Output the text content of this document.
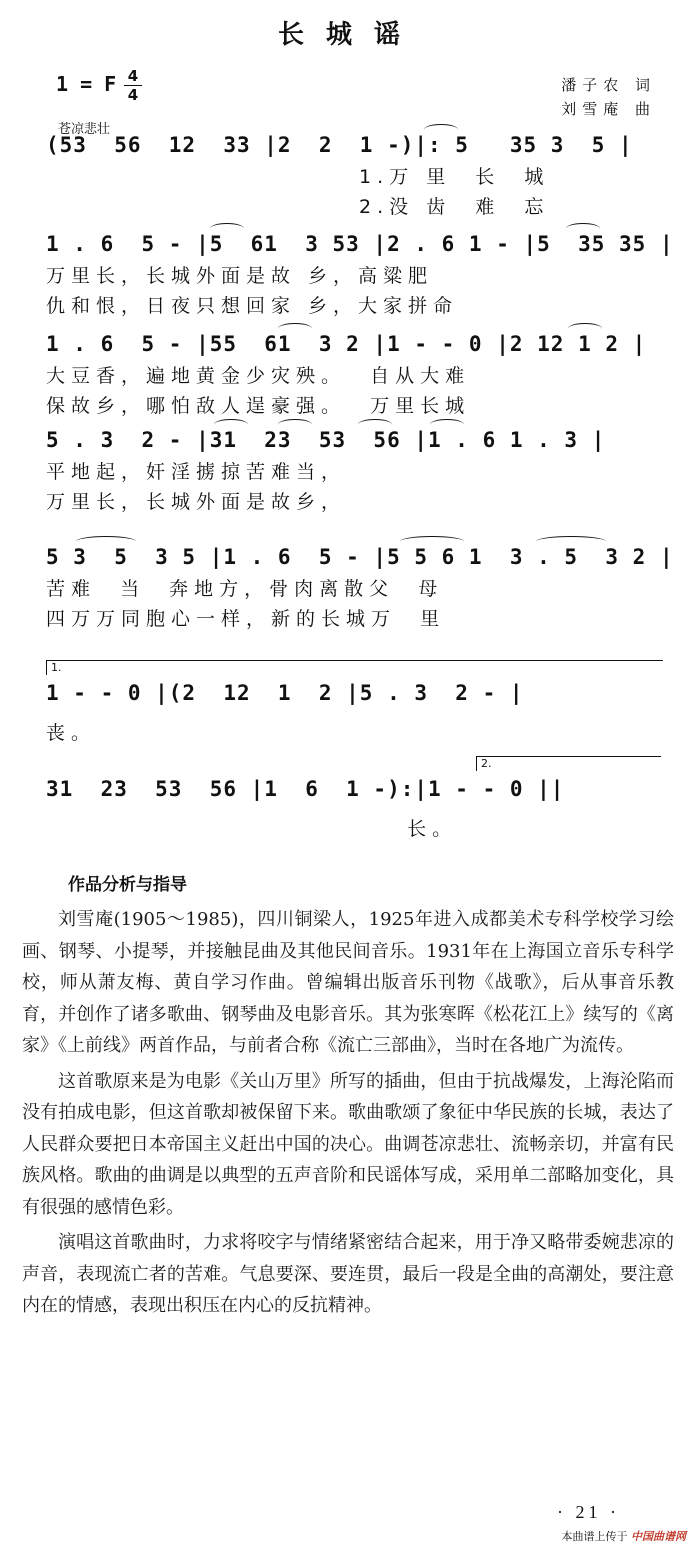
长城谣
1 = F 4
4
苍凉悲壮
潘子农 词
刘雪庵 曲
(53  56  12  33 |2  2  1 -)|: 5   35 3  5 |
1.万 里  长  城
2.没 齿  难  忘
1 . 6  5 - |5  61  3 53 |2 . 6 1 - |5  35 35 |
万里长，长城外面是故 乡，高粱肥
仇和恨，日夜只想回家 乡，大家拼命
1 . 6  5 - |55  61  3 2 |1 - - 0 |2 12 1 2 |
大豆香，遍地黄金少灾殃。  自从大难
保故乡，哪怕敌人逞豪强。  万里长城
5 . 3  2 - |31  23  53  56 |1 . 6 1 . 3 |
平地起，奸淫掳掠苦难当，
万里长，长城外面是故乡，
5 3  5  3 5 |1 . 6  5 - |5 5 6 1  3 . 5  3 2 |
苦难  当  奔地方，骨肉离散父  母
四万万同胞心一样，新的长城万  里
1.
1 - - 0 |(2  12  1  2 |5 . 3  2 - |
丧。
2.
31  23  53  56 |1  6  1 -):|1 - - 0 ||
长。
作品分析与指导

刘雪庵(1905～1985)，四川铜梁人，1925年进入成都美术专科学校学习绘画、钢琴、小提琴，并接触昆曲及其他民间音乐。1931年在上海国立音乐专科学校，师从萧友梅、黄自学习作曲。曾编辑出版音乐刊物《战歌》，后从事音乐教育，并创作了诸多歌曲、钢琴曲及电影音乐。其为张寒晖《松花江上》续写的《离家》《上前线》两首作品，与前者合称《流亡三部曲》，当时在各地广为流传。

这首歌原来是为电影《关山万里》所写的插曲，但由于抗战爆发，上海沦陷而没有拍成电影，但这首歌却被保留下来。歌曲歌颂了象征中华民族的长城，表达了人民群众要把日本帝国主义赶出中国的决心。曲调苍凉悲壮、流畅亲切，并富有民族风格。歌曲的曲调是以典型的五声音阶和民谣体写成，采用单二部略加变化，具有很强的感情色彩。

演唱这首歌曲时，力求将咬字与情绪紧密结合起来，用于净又略带委婉悲凉的声音，表现流亡者的苦难。气息要深、要连贯，最后一段是全曲的高潮处，要注意内在的情感，表现出积压在内心的反抗精神。

· 21 ·
本曲谱上传于 中国曲谱网
